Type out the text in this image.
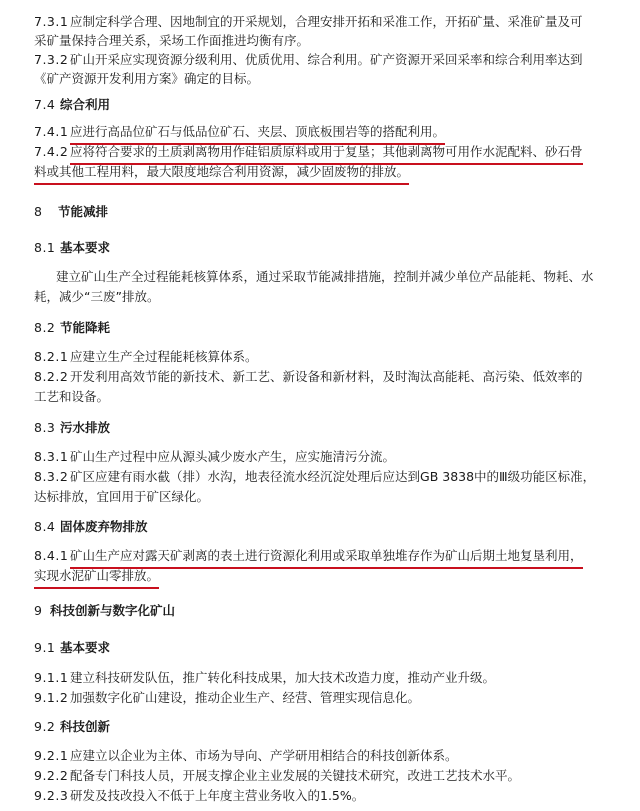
7.3.1 应制定科学合理、因地制宜的开采规划，合理安排开拓和采准工作，开拓矿量、采准矿量及可
采矿量保持合理关系，采场工作面推进均衡有序。
7.3.2 矿山开采应实现资源分级利用、优质优用、综合利用。矿产资源开采回采率和综合利用率达到
《矿产资源开发利用方案》确定的目标。
7.4 综合利用
7.4.1 应进行高品位矿石与低品位矿石、夹层、顶底板围岩等的搭配利用。
7.4.2 应将符合要求的土质剥离物用作硅铝质原料或用于复垦；其他剥离物可用作水泥配料、砂石骨
料或其他工程用料，最大限度地综合利用资源，减少固废物的排放。
8 节能减排
8.1 基本要求
建立矿山生产全过程能耗核算体系，通过采取节能减排措施，控制并减少单位产品能耗、物耗、水
耗，减少“三废”排放。
8.2 节能降耗
8.2.1 应建立生产全过程能耗核算体系。
8.2.2 开发利用高效节能的新技术、新工艺、新设备和新材料，及时淘汰高能耗、高污染、低效率的
工艺和设备。
8.3 污水排放
8.3.1 矿山生产过程中应从源头减少废水产生，应实施清污分流。
8.3.2 矿区应建有雨水截（排）水沟，地表径流水经沉淀处理后应达到GB 3838中的Ⅲ级功能区标准，
达标排放，宜回用于矿区绿化。
8.4 固体废弃物排放
8.4.1 矿山生产应对露天矿剥离的表土进行资源化利用或采取单独堆存作为矿山后期土地复垦利用，
实现水泥矿山零排放。
9 科技创新与数字化矿山
9.1 基本要求
9.1.1 建立科技研发队伍，推广转化科技成果，加大技术改造力度，推动产业升级。
9.1.2 加强数字化矿山建设，推动企业生产、经营、管理实现信息化。
9.2 科技创新
9.2.1 应建立以企业为主体、市场为导向、产学研用相结合的科技创新体系。
9.2.2 配备专门科技人员，开展支撑企业主业发展的关键技术研究，改进工艺技术水平。
9.2.3 研发及技改投入不低于上年度主营业务收入的1.5%。
